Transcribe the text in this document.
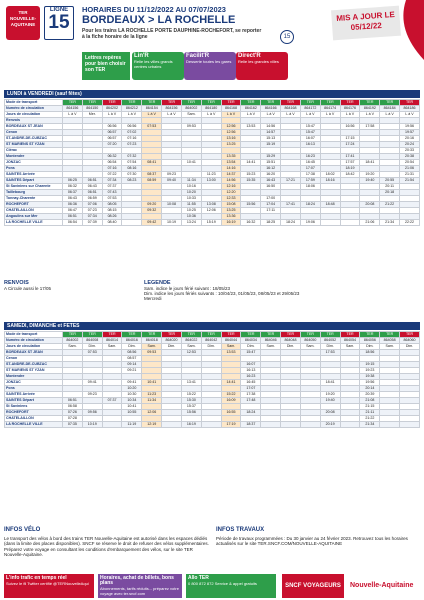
TER NOUVELLE-AQUITAINE
LIGNE
15
HORAIRES DU 11/12/2022 AU 07/07/2023
BORDEAUX > LA ROCHELLE
Pour les trains LA ROCHELLE PORTE DAUPHINE-ROCHEFORT, se reporter à la fiche horaire de la ligne	15
MIS A JOUR LE 05/12/22
Lettres repères pour bien choisir son TER
Lin'R
Relie les villes grands centres urbains
Facilit'R
Desserte toutes les gares
Direct'R
Relie les grandes villes
LUNDI à VENDREDI (sauf fêtes)
Mode de transport	TER	TER	TER	TER	TER	TER	TER	TER	TER	TER	TER	TER	TER	TER	TER	TER	TER	TER
Numéro de circulation	864156	864150	864202	864212	864154	864156	864002	864180	864168	864162	864166	864168	864172	864174	864176	864192	864184	864186
Jours de circulation	L à V	Mer.	L à V	L à V	L à V	L à V	Sam.	L à V	L à V	L à V	L à V	L à V	L à V	L à V	L à V	L à V	L à V	L à V
Renvois																		
BORDEAUX ST JEAN			06:56	06:56	07:53		09:53		12:56	13:53	14:56		15:47		16:56	17:58		19:56
Cenon			06:57	07:02					12:56		14:57		15:47					19:57
ST-ANDRE-DE-CUBZAC			06:57	07:16					13:16		15:13		16:07		17:15			20:16
ST MARIENS ST YZAN			07:20	07:23					13:25		15:19		16:13		17:24			20:24
Clérac																		20:33
Montendre			06:32	07:32					13:35		15:29		16:23		17:41			20:38
JONZAC			06:54	07:54	08:41		10:41		13:54	14:41	15:51		16:45		17:57	18:41		20:54
Pons			07:16	08:16					14:16		16:12		17:07		18:19			21:06
SAINTES Arrivée			07:22	07:30	08:37	09:23		11:23	14:37	15:23	16:20		17:38	18:02	18:42	19:20		21:31
SAINTES Départ	06:25	06:51	07:34	08:23	08:59	09:40	11:34	13:00	14:56	15:35	16:43	17:21	17:59	18:16		19:40	20:55	21:54
St Saviniens sur Charente	06:32	06:43	07:37				10:16		12:16		16:50		18:06				20:11	
Taillebourg	06:37	06:51	07:43				10:20		12:20								20:18	
Tonnay-Charente	06:43	06:59	07:53				10:33		12:33		17:00							
ROCHEFORT	06:36	07:06	08:05		09:20	10:08	11:55	13:08	15:08	15:56	17:04	17:41	18:24	18:48		20:08	21:22	
CHATELAILLON	06:47	07:23	08:15		09:32		10:25	12:06	13:25		17:11							
Angoulins sur Mer	06:51	07:34	08:26				10:36		13:36									
LA ROCHELLE VILLE	06:54	07:39	08:40		09:42	10:19	13:24	15:19	16:19	16:32	18:25	18:24	19:06			21:06	21:34	22:22
RENVOIS
A Circule aussi le 17/05
LEGENDE
Sam. indice le jours férié suivant : 18/05/23
Dim. indice les jours fériés suivants : 10/04/23, 01/05/23, 08/05/23 et 29/05/23
Mercredi
SAMEDI, DIMANCHE et FETES
Mode de transport	TER	TER	TER	TER	TER	TER	TER	TER	TER	TER	TER	TER	TER	TER	TER	TER	TER	TER
Numéro de circulation	864002	864008	864014	864016	864018	864020	864022	864042	864044	864034	864046	864048	864050	864052	864054	864056	864058	864060
Jours de circulation	Sam.	Dim.	Sam.	Dim.	Sam.	Dim.	Sam.	Dim.	Sam.	Dim.	Sam.	Dim.	Sam.	Dim.	Sam.	Dim.	Sam.	Dim.
BORDEAUX ST JEAN		07:53		08:56	09:53		12:53		13:53	15:47				17:53		18:56		
Cenon				08:57														
ST-ANDRE-DE-CUBZAC				09:14						16:07						19:15		
ST MARIENS ST YZAN				09:21						16:13						19:23		
Montendre										16:23						19:38		
JONZAC		09:41		09:41	10:41		13:41		14:41	16:45				18:41		19:56		
Pons				10:20						17:07						20:14		
SAINTES Arrivée		09:23		10:30	11:23		15:22		15:22	17:38				19:20		20:39		
SAINTES Départ	06:51		07:37	10:34	11:34		15:30		16:09	17:48				19:40		21:08		
St Saviniens	06:58			10:41			15:37									21:15		
ROCHEFORT	07:26	09:56		10:55	12:06		15:56		16:55	18:24				20:08		21:11		
CHATELAILLON	07:28															21:22		
LA ROCHELLE VILLE	07:35	10:19		11:19	12:19		16:19		17:19	18:37				20:19		21:34		
INFOS VÉLO
Le transport des vélos à bord des trains TER Nouvelle-Aquitaine est autorisé dans les espaces dédiés (dans la limite des places disponibles). SNCF se réserve le droit de refuser des vélos supplémentaires. Préparez votre voyage en consultant les conditions d'embarquement des vélos, sur le site TER Nouvelle-Aquitaine.
INFOS TRAVAUX
Période de travaux programmées : Du 30 janvier au 24 février 2023. Retrouvez tous les horaires actualisés sur le site TER.SNCF.COM/NOUVELLE-AQUITAINE
L'info trafic en temps réel
Suivez le fil Twitter certifié @TERNouvelleAqui
Horaires, achat de billets, bons plans
Abonnements, tarifs réduits... préparez votre voyage avec ter.sncf.com
Allo TER
0 800 872 872 Service & appel gratuits	SNCF VOYAGEURS	Nouvelle-Aquitaine
